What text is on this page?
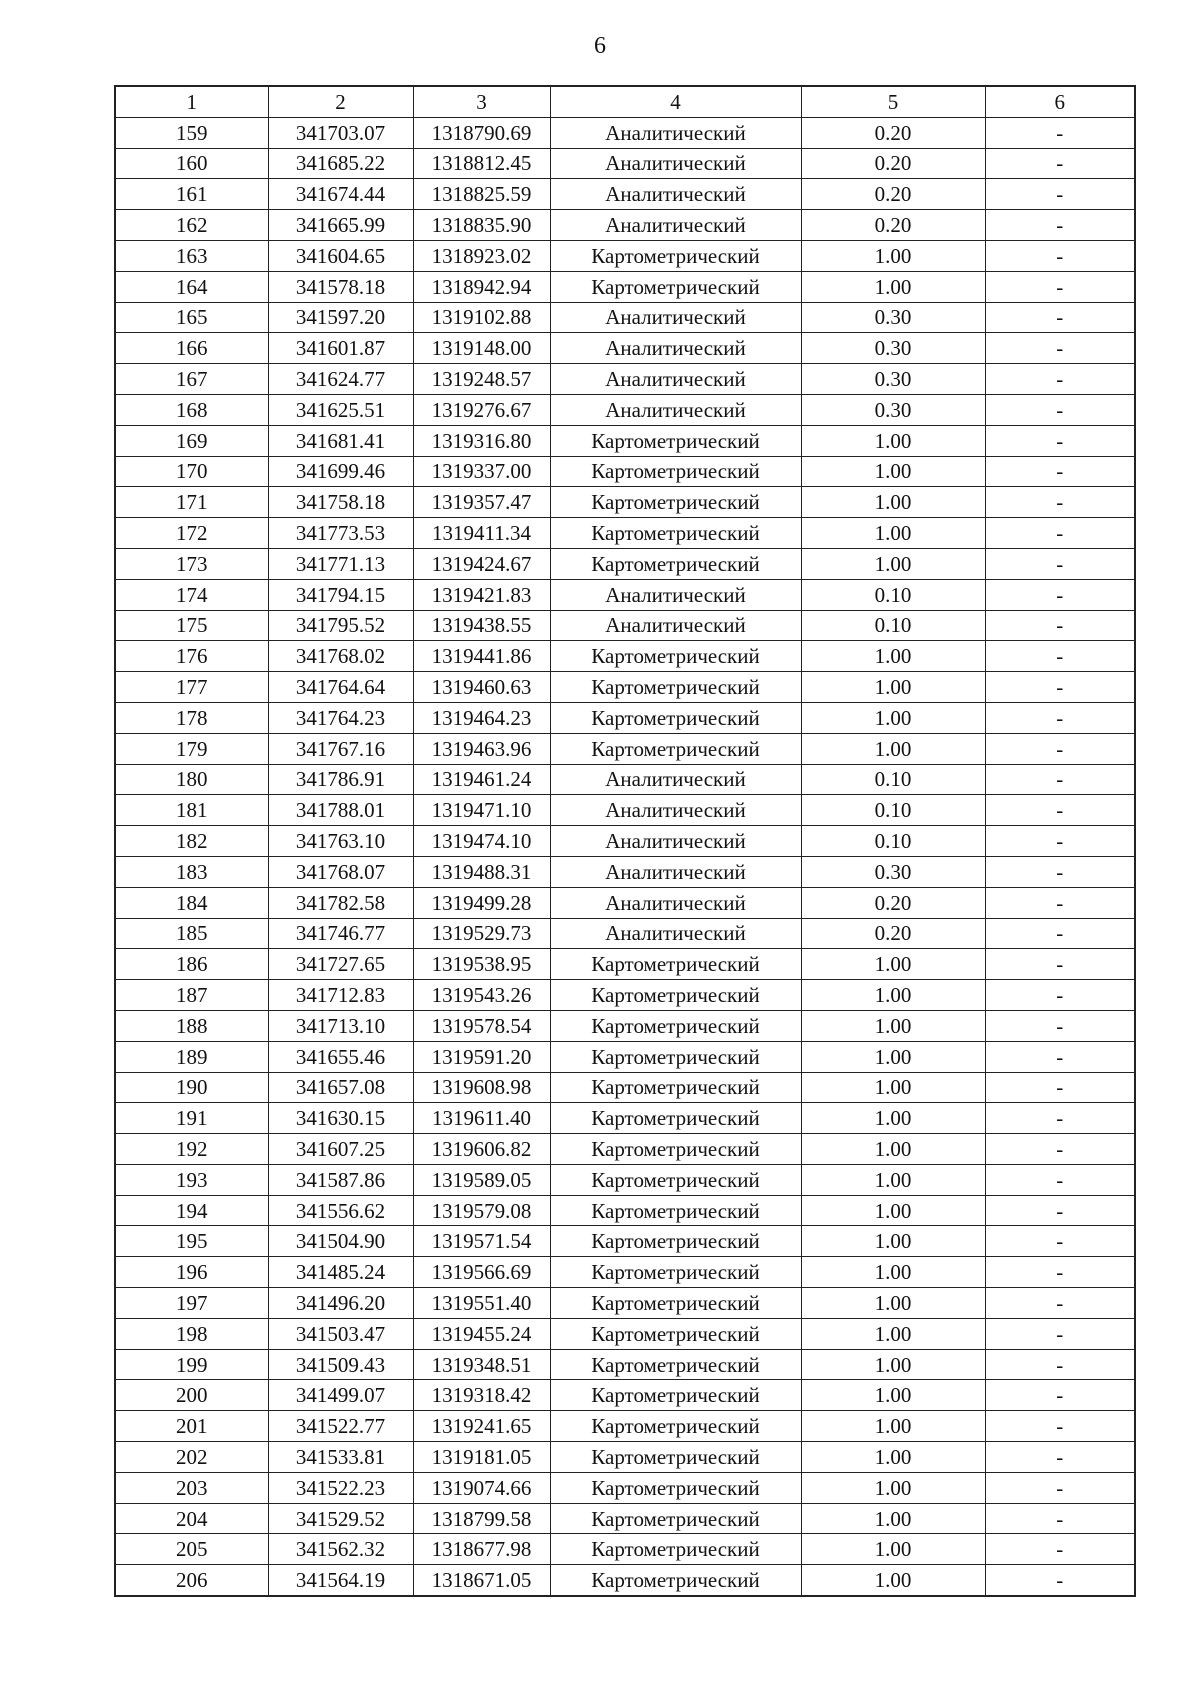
6
1	2	3	4	5	6
159	341703.07	1318790.69	Аналитический	0.20	-
160	341685.22	1318812.45	Аналитический	0.20	-
161	341674.44	1318825.59	Аналитический	0.20	-
162	341665.99	1318835.90	Аналитический	0.20	-
163	341604.65	1318923.02	Картометрический	1.00	-
164	341578.18	1318942.94	Картометрический	1.00	-
165	341597.20	1319102.88	Аналитический	0.30	-
166	341601.87	1319148.00	Аналитический	0.30	-
167	341624.77	1319248.57	Аналитический	0.30	-
168	341625.51	1319276.67	Аналитический	0.30	-
169	341681.41	1319316.80	Картометрический	1.00	-
170	341699.46	1319337.00	Картометрический	1.00	-
171	341758.18	1319357.47	Картометрический	1.00	-
172	341773.53	1319411.34	Картометрический	1.00	-
173	341771.13	1319424.67	Картометрический	1.00	-
174	341794.15	1319421.83	Аналитический	0.10	-
175	341795.52	1319438.55	Аналитический	0.10	-
176	341768.02	1319441.86	Картометрический	1.00	-
177	341764.64	1319460.63	Картометрический	1.00	-
178	341764.23	1319464.23	Картометрический	1.00	-
179	341767.16	1319463.96	Картометрический	1.00	-
180	341786.91	1319461.24	Аналитический	0.10	-
181	341788.01	1319471.10	Аналитический	0.10	-
182	341763.10	1319474.10	Аналитический	0.10	-
183	341768.07	1319488.31	Аналитический	0.30	-
184	341782.58	1319499.28	Аналитический	0.20	-
185	341746.77	1319529.73	Аналитический	0.20	-
186	341727.65	1319538.95	Картометрический	1.00	-
187	341712.83	1319543.26	Картометрический	1.00	-
188	341713.10	1319578.54	Картометрический	1.00	-
189	341655.46	1319591.20	Картометрический	1.00	-
190	341657.08	1319608.98	Картометрический	1.00	-
191	341630.15	1319611.40	Картометрический	1.00	-
192	341607.25	1319606.82	Картометрический	1.00	-
193	341587.86	1319589.05	Картометрический	1.00	-
194	341556.62	1319579.08	Картометрический	1.00	-
195	341504.90	1319571.54	Картометрический	1.00	-
196	341485.24	1319566.69	Картометрический	1.00	-
197	341496.20	1319551.40	Картометрический	1.00	-
198	341503.47	1319455.24	Картометрический	1.00	-
199	341509.43	1319348.51	Картометрический	1.00	-
200	341499.07	1319318.42	Картометрический	1.00	-
201	341522.77	1319241.65	Картометрический	1.00	-
202	341533.81	1319181.05	Картометрический	1.00	-
203	341522.23	1319074.66	Картометрический	1.00	-
204	341529.52	1318799.58	Картометрический	1.00	-
205	341562.32	1318677.98	Картометрический	1.00	-
206	341564.19	1318671.05	Картометрический	1.00	-
